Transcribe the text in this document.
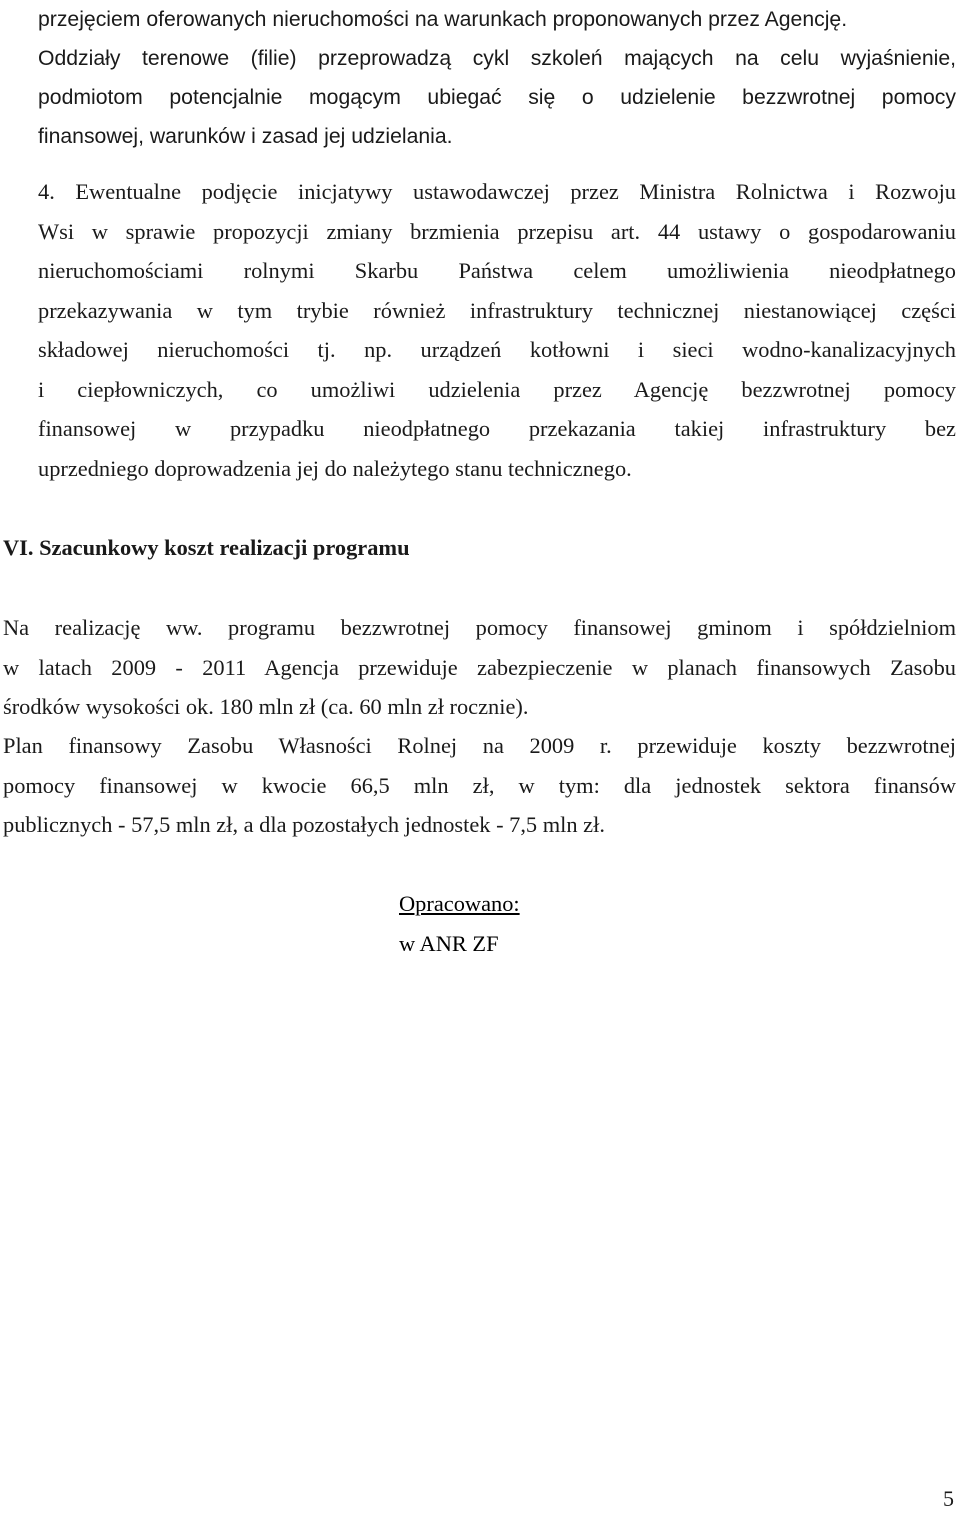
przejęciem oferowanych nieruchomości na warunkach proponowanych przez Agencję.
Oddziały terenowe (filie) przeprowadzą cykl szkoleń mających na celu wyjaśnienie,
podmiotom potencjalnie mogącym ubiegać się o udzielenie bezzwrotnej pomocy
finansowej, warunków i zasad jej udzielania.
4. Ewentualne podjęcie inicjatywy ustawodawczej przez Ministra Rolnictwa i Rozwoju
Wsi w sprawie propozycji zmiany brzmienia przepisu art. 44 ustawy o gospodarowaniu
nieruchomościami rolnymi Skarbu Państwa celem umożliwienia nieodpłatnego
przekazywania w tym trybie również infrastruktury technicznej niestanowiącej części
składowej nieruchomości tj. np. urządzeń kotłowni i sieci wodno-kanalizacyjnych
i ciepłowniczych, co umożliwi udzielenia przez Agencję bezzwrotnej pomocy
finansowej w przypadku nieodpłatnego przekazania takiej infrastruktury bez
uprzedniego doprowadzenia jej do należytego stanu technicznego.
VI. Szacunkowy koszt realizacji programu
Na realizację ww. programu bezzwrotnej pomocy finansowej gminom i spółdzielniom
w latach 2009 - 2011 Agencja przewiduje zabezpieczenie w planach finansowych Zasobu
środków wysokości ok. 180 mln zł (ca. 60 mln zł rocznie).
Plan finansowy Zasobu Własności Rolnej na 2009 r. przewiduje koszty bezzwrotnej
pomocy finansowej w kwocie 66,5 mln zł, w tym: dla jednostek sektora finansów
publicznych - 57,5 mln zł, a dla pozostałych jednostek - 7,5 mln zł.
5
Opracowano:
w ANR ZF
